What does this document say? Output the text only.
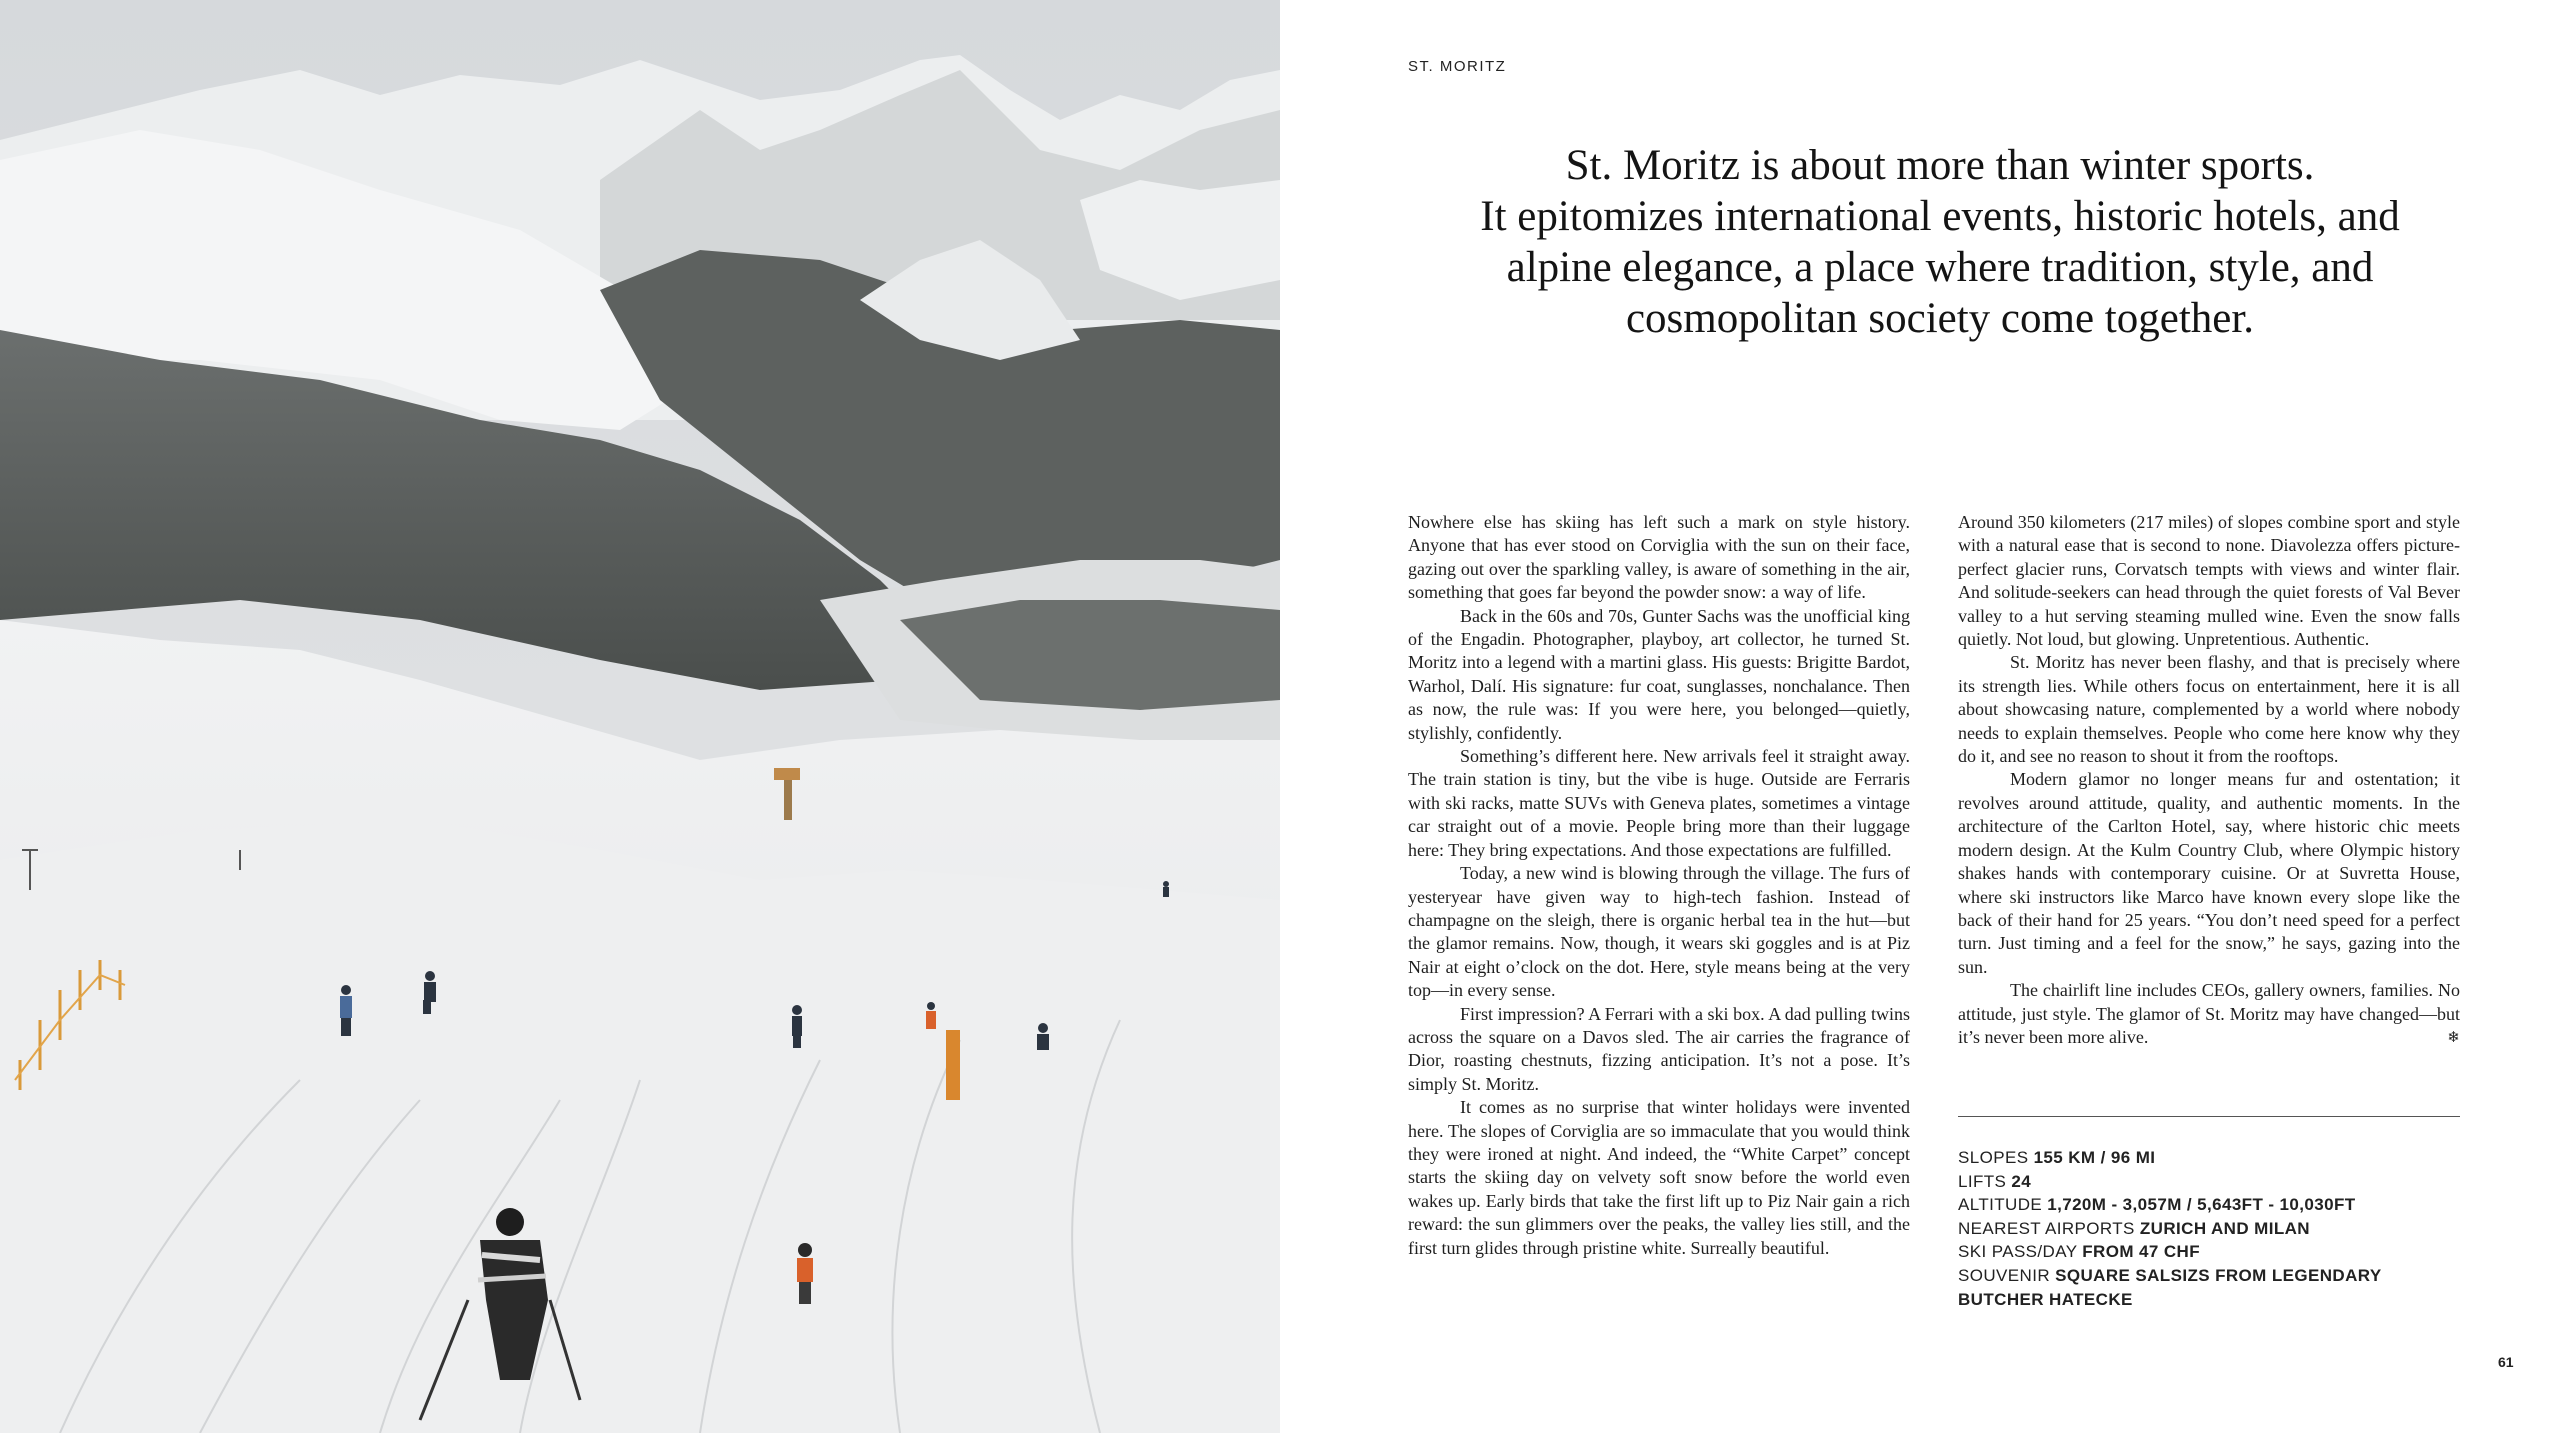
ST. MORITZ
St. Moritz is about more than winter sports.
It epitomizes international events, historic hotels, and
alpine elegance, a place where tradition, style, and
cosmopolitan society come together.

Nowhere else has skiing has left such a mark on style history. Anyone that has ever stood on Corviglia with the sun on their face, gazing out over the sparkling valley, is aware of something in the air, something that goes far beyond the powder snow: a way of life.

Back in the 60s and 70s, Gunter Sachs was the unofficial king of the Engadin. Photographer, playboy, art collector, he turned St. Moritz into a legend with a martini glass. His guests: Brigitte Bardot, Warhol, Dalí. His signature: fur coat, sunglasses, nonchalance. Then as now, the rule was: If you were here, you belonged—quietly, stylishly, confidently.

Something’s different here. New arrivals feel it straight away. The train station is tiny, but the vibe is huge. Outside are Ferraris with ski racks, matte SUVs with Geneva plates, sometimes a vintage car straight out of a movie. People bring more than their luggage here: They bring expectations. And those expectations are fulfilled.

Today, a new wind is blowing through the village. The furs of yesteryear have given way to high-tech fashion. Instead of champagne on the sleigh, there is organic herbal tea in the hut—but the glamor remains. Now, though, it wears ski goggles and is at Piz Nair at eight o’clock on the dot. Here, style means being at the very top—in every sense.

First impression? A Ferrari with a ski box. A dad pulling twins across the square on a Davos sled. The air carries the fragrance of Dior, roasting chestnuts, fizzing anticipation. It’s not a pose. It’s simply St. Moritz.

It comes as no surprise that winter holidays were invented here. The slopes of Corviglia are so immaculate that you would think they were ironed at night. And indeed, the “White Carpet” concept starts the skiing day on velvety soft snow before the world even wakes up. Early birds that take the first lift up to Piz Nair gain a rich reward: the sun glimmers over the peaks, the valley lies still, and the first turn glides through pristine white. Surreally beautiful.

Around 350 kilometers (217 miles) of slopes combine sport and style with a natural ease that is second to none. Diavolezza offers picture-perfect glacier runs, Corvatsch tempts with views and winter flair. And solitude-seekers can head through the quiet forests of Val Bever valley to a hut serving steaming mulled wine. Even the snow falls quietly. Not loud, but glowing. Unpretentious. Authentic.

St. Moritz has never been flashy, and that is precisely where its strength lies. While others focus on entertainment, here it is all about showcasing nature, complemented by a world where nobody needs to explain themselves. People who come here know why they do it, and see no reason to shout it from the rooftops.

Modern glamor no longer means fur and ostentation; it revolves around attitude, quality, and authentic moments. In the architecture of the Carlton Hotel, say, where historic chic meets modern design. At the Kulm Country Club, where Olympic history shakes hands with contemporary cuisine. Or at Suvretta House, where ski instructors like Marco have known every slope like the back of their hand for 25 years. “You don’t need speed for a perfect turn. Just timing and a feel for the snow,” he says, gazing into the sun.

The chairlift line includes CEOs, gallery owners, families. No attitude, just style. The glamor of St. Moritz may have changed—but it’s never been more alive.	❄

SLOPES 155 KM / 96 MI
LIFTS 24
ALTITUDE 1,720M - 3,057M / 5,643FT - 10,030FT
NEAREST AIRPORTS ZURICH AND MILAN
SKI PASS/DAY FROM 47 CHF
SOUVENIR SQUARE SALSIZS FROM LEGENDARY BUTCHER HATECKE
61
